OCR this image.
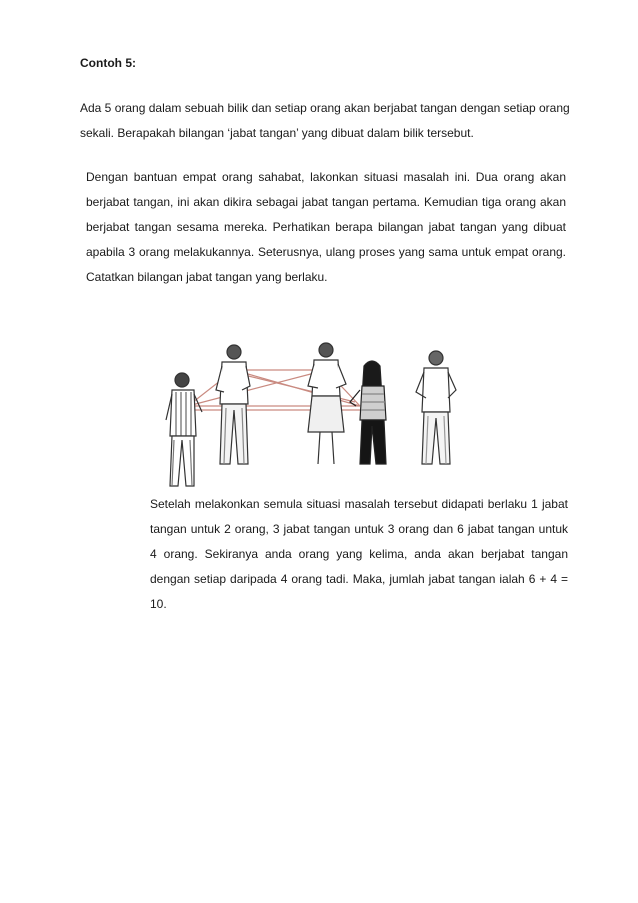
Contoh 5:
Ada 5 orang dalam sebuah bilik dan setiap orang akan berjabat tangan dengan setiap orang sekali. Berapakah bilangan ‘jabat tangan’ yang dibuat dalam bilik tersebut.

Dengan bantuan empat orang sahabat, lakonkan situasi masalah ini. Dua orang akan berjabat tangan, ini akan dikira sebagai jabat tangan pertama. Kemudian tiga orang akan berjabat tangan sesama mereka. Perhatikan berapa bilangan jabat tangan yang dibuat apabila 3 orang melakukannya. Seterusnya, ulang proses yang sama untuk empat orang. Catatkan bilangan jabat tangan yang berlaku.

Setelah melakonkan semula situasi masalah tersebut didapati berlaku 1 jabat tangan untuk 2 orang, 3 jabat tangan untuk 3 orang dan 6 jabat tangan untuk 4 orang. Sekiranya anda orang yang kelima, anda akan berjabat tangan dengan setiap daripada 4 orang tadi. Maka, jumlah jabat tangan ialah 6 + 4 = 10.
